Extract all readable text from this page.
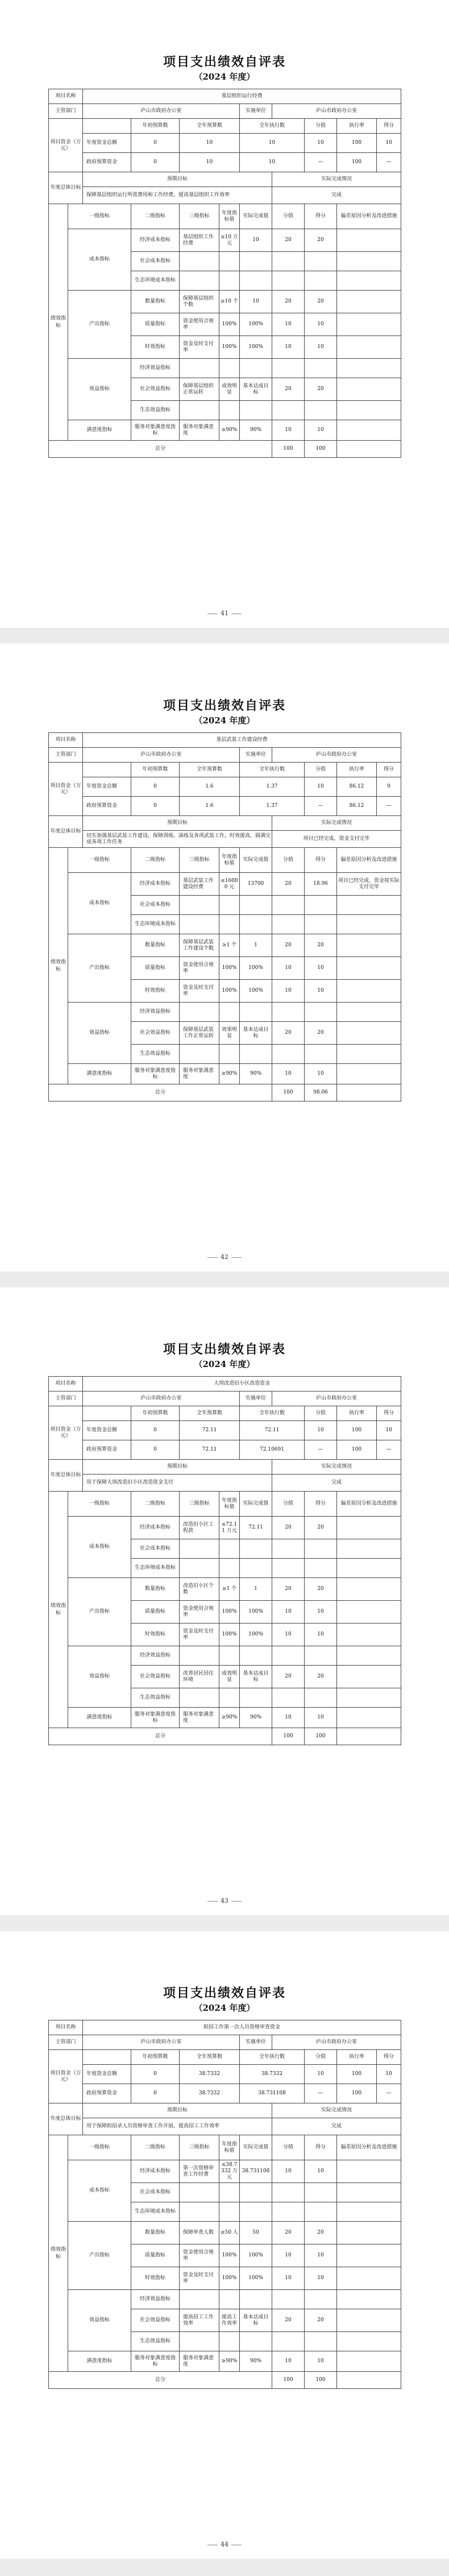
项目支出绩效自评表
（2024 年度）
项目名称		基层组织运行经费								
主管部门		庐山市政府办公室				实施单位	庐山市政府办公室			
项目资金（万元）			年初预算数	全年预算数		全年执行数		分值	执行率	得分
		年度资金总额	0	10		10		10	100	10
		政府预算资金	0	10		10		—	100	—
年度总体目标		预期目标					实际完成情况			
		保障基层组织运行所需费用和工作经费，提高基层组织工作效率					完成			
绩效指标	一级指标		二级指标	三级指标	年度指标值	实际完成值	分值	得分	偏差原因分析及改进措施	
	成本指标		经济成本指标	基层组织工作经费	≤10 万元	10	20	20		
			社会成本指标							
			生态环境成本指标							
	产出指标		数量指标	保障基层组织个数	≥10 个	10	20	20		
			质量指标	资金使用合规率	100%	100%	10	10		
			时效指标	资金及时支付率	100%	100%	10	10		
	效益指标		经济效益指标							
			社会效益指标	保障基层组织正常运转	成效明显	基本达成目标	20	20		
			生态效益指标							
	满意度指标		服务对象满意度指标	服务对象满意度	≥90%	90%	10	10		
总分							100	100		
41
项目支出绩效自评表
（2024 年度）
项目名称		基层武装工作建设经费								
主管部门		庐山市政府办公室				实施单位	庐山市政府办公室			
项目资金（万元）			年初预算数	全年预算数		全年执行数		分值	执行率	得分
		年度资金总额	0	1.6		1.37		10	86.12	9
		政府预算资金	0	1.6		1.37		—	86.12	—
年度总体目标		预期目标					实际完成情况			
		切实加强基层武装工作建设，保障训练、演练及各项武装工作，时效提高，圆满完成各项工作任务					项目已经完成，资金支付完毕			
绩效指标	一级指标		二级指标	三级指标	年度指标值	实际完成值	分值	得分	偏差原因分析及改进措施	
	成本指标		经济成本指标	基层武装工作建设经费	≤16000 元	13700	20	18.96	项目已经完成，资金按实际支付完毕	
			社会成本指标							
			生态环境成本指标							
	产出指标		数量指标	保障基层武装工作建设个数	≥1 个	1	20	20		
			质量指标	资金使用合规率	100%	100%	10	10		
			时效指标	资金及时支付率	100%	100%	10	10		
	效益指标		经济效益指标							
			社会效益指标	保障基层武装工作正常运转	效果明显	基本达成目标	20	20		
			生态效益指标							
	满意度指标		服务对象满意度指标	服务对象满意度	≥90%	90%	10	10		
总分							100	98.06		
42
项目支出绩效自评表
（2024 年度）
项目名称		大坝改造旧小区改造资金								
主管部门		庐山市政府办公室				实施单位	庐山市政府办公室			
项目资金（万元）			年初预算数	全年预算数		全年执行数		分值	执行率	得分
		年度资金总额	0	72.11		72.11		10	100	10
		政府预算资金	0	72.11		72.10691		—	100	—
年度总体目标		预期目标					实际完成情况			
		用于保障大坝改造旧小区改造资金支付					完成			
绩效指标	一级指标		二级指标	三级指标	年度指标值	实际完成值	分值	得分	偏差原因分析及改进措施	
	成本指标		经济成本指标	改造旧小区工程款	≤72.11 万元	72.11	20	20		
			社会成本指标							
			生态环境成本指标							
	产出指标		数量指标	改造旧小区个数	≥1 个	1	20	20		
			质量指标	资金使用合规率	100%	100%	10	10		
			时效指标	资金及时支付率	100%	100%	10	10		
	效益指标		经济效益指标							
			社会效益指标	改善居民居住环境	成效明显	基本达成目标	20	20		
			生态效益指标							
	满意度指标		服务对象满意度指标	服务对象满意度	≥90%	90%	10	10		
总分							100	100		
43
项目支出绩效自评表
（2024 年度）
项目名称		拟招工作第一次人员资格审查资金								
主管部门		庐山市政府办公室				实施单位	庐山市政府办公室			
项目资金（万元）			年初预算数	全年预算数		全年执行数		分值	执行率	得分
		年度资金总额	0	38.7332		38.7332		10	100	10
		政府预算资金	0	38.7332		38.731108		—	100	—
年度总体目标		预期目标					实际完成情况			
		用于保障拟招录人员资格审查工作开展，提高招工工作效率					完成			
绩效指标	一级指标		二级指标	三级指标	年度指标值	实际完成值	分值	得分	偏差原因分析及改进措施	
	成本指标		经济成本指标	第一次资格审查工作经费	≤38.7332 万元	38.731108	10	10		
			社会成本指标							
			生态环境成本指标							
	产出指标		数量指标	保障审查人数	≥50 人	50	20	20		
			质量指标	资金使用合规率	100%	100%	10	10		
			时效指标	资金及时支付率	100%	100%	10	10		
	效益指标		经济效益指标							
			社会效益指标	提高招工工作效率	提高工作效率	基本达成目标	20	20		
			生态效益指标							
	满意度指标		服务对象满意度指标	服务对象满意度	≥90%	90%	10	10		
总分							100	100		
44
